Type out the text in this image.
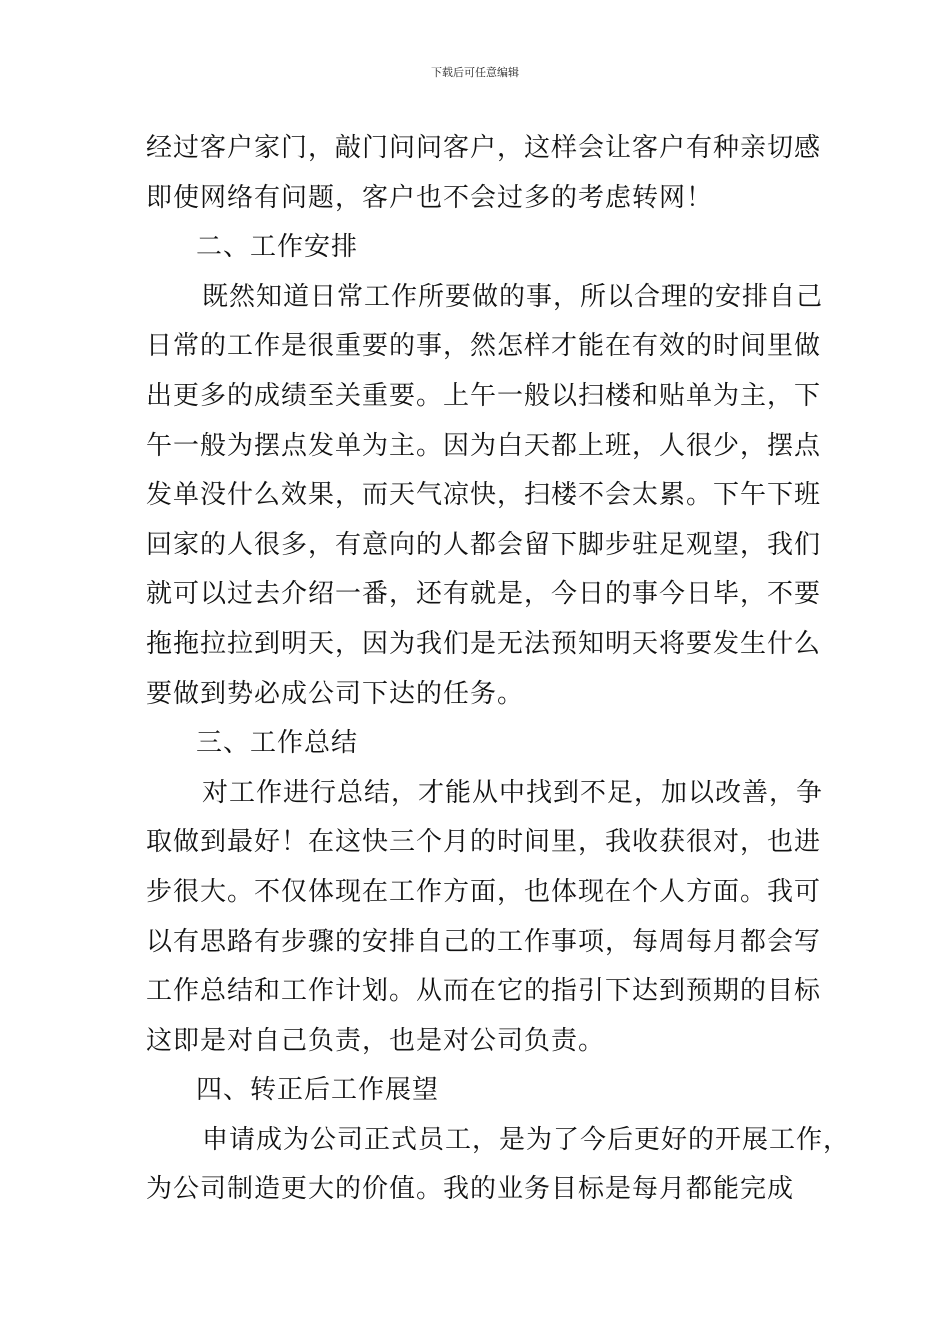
下载后可任意编辑
经过客户家门，敲门问问客户，这样会让客户有种亲切感
即使网络有问题，客户也不会过多的考虑转网！
二、工作安排
既然知道日常工作所要做的事，所以合理的安排自己
日常的工作是很重要的事，然怎样才能在有效的时间里做
出更多的成绩至关重要。上午一般以扫楼和贴单为主，下
午一般为摆点发单为主。因为白天都上班，人很少，摆点
发单没什么效果，而天气凉快，扫楼不会太累。下午下班
回家的人很多，有意向的人都会留下脚步驻足观望，我们
就可以过去介绍一番，还有就是，今日的事今日毕，不要
拖拖拉拉到明天，因为我们是无法预知明天将要发生什么
要做到势必成公司下达的任务。
三、工作总结
对工作进行总结，才能从中找到不足，加以改善，争
取做到最好！在这快三个月的时间里，我收获很对，也进
步很大。不仅体现在工作方面，也体现在个人方面。我可
以有思路有步骤的安排自己的工作事项，每周每月都会写
工作总结和工作计划。从而在它的指引下达到预期的目标
这即是对自己负责，也是对公司负责。
四、转正后工作展望
申请成为公司正式员工，是为了今后更好的开展工作，
为公司制造更大的价值。我的业务目标是每月都能完成
